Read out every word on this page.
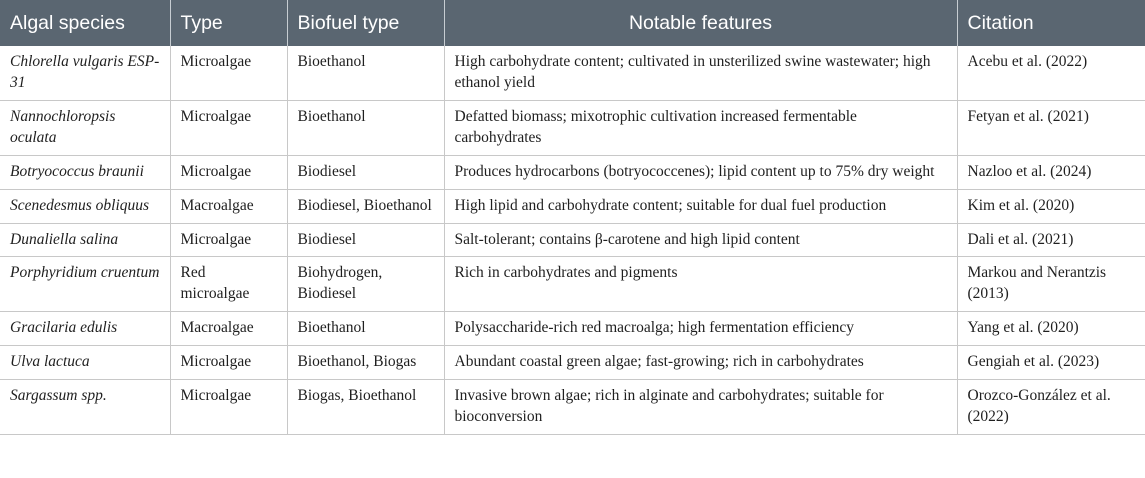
Algal species	Type	Biofuel type	Notable features	Citation
Chlorella vulgaris ESP-31	Microalgae	Bioethanol	High carbohydrate content; cultivated in unsterilized swine wastewater; high ethanol yield	Acebu et al. (2022)
Nannochloropsis oculata	Microalgae	Bioethanol	Defatted biomass; mixotrophic cultivation increased fermentable carbohydrates	Fetyan et al. (2021)
Botryococcus braunii	Microalgae	Biodiesel	Produces hydrocarbons (botryococcenes); lipid content up to 75% dry weight	Nazloo et al. (2024)
Scenedesmus obliquus	Macroalgae	Biodiesel, Bioethanol	High lipid and carbohydrate content; suitable for dual fuel production	Kim et al. (2020)
Dunaliella salina	Microalgae	Biodiesel	Salt-tolerant; contains β-carotene and high lipid content	Dali et al. (2021)
Porphyridium cruentum	Red microalgae	Biohydrogen, Biodiesel	Rich in carbohydrates and pigments	Markou and Nerantzis (2013)
Gracilaria edulis	Macroalgae	Bioethanol	Polysaccharide-rich red macroalga; high fermentation efficiency	Yang et al. (2020)
Ulva lactuca	Microalgae	Bioethanol, Biogas	Abundant coastal green algae; fast-growing; rich in carbohydrates	Gengiah et al. (2023)
Sargassum spp.	Microalgae	Biogas, Bioethanol	Invasive brown algae; rich in alginate and carbohydrates; suitable for bioconversion	Orozco-González et al. (2022)
